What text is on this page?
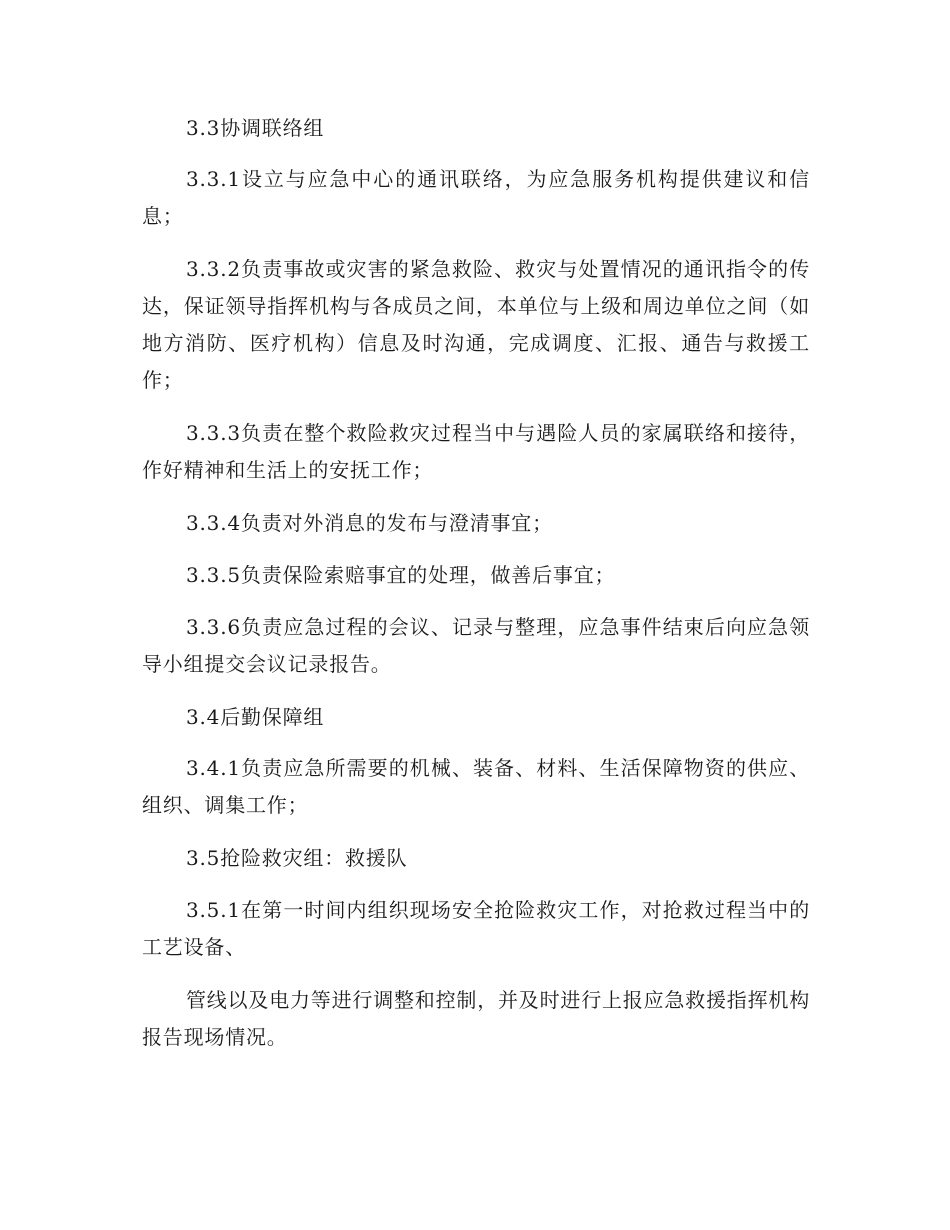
3.3协调联络组

3.3.1设立与应急中心的通讯联络，为应急服务机构提供建议和信息；

3.3.2负责事故或灾害的紧急救险、救灾与处置情况的通讯指令的传达，保证领导指挥机构与各成员之间，本单位与上级和周边单位之间（如地方消防、医疗机构）信息及时沟通，完成调度、汇报、通告与救援工作；

3.3.3负责在整个救险救灾过程当中与遇险人员的家属联络和接待，作好精神和生活上的安抚工作；

3.3.4负责对外消息的发布与澄清事宜；

3.3.5负责保险索赔事宜的处理，做善后事宜；

3.3.6负责应急过程的会议、记录与整理，应急事件结束后向应急领导小组提交会议记录报告。

3.4后勤保障组

3.4.1负责应急所需要的机械、装备、材料、生活保障物资的供应、组织、调集工作；

3.5抢险救灾组：救援队

3.5.1在第一时间内组织现场安全抢险救灾工作，对抢救过程当中的工艺设备、

管线以及电力等进行调整和控制，并及时进行上报应急救援指挥机构报告现场情况。
